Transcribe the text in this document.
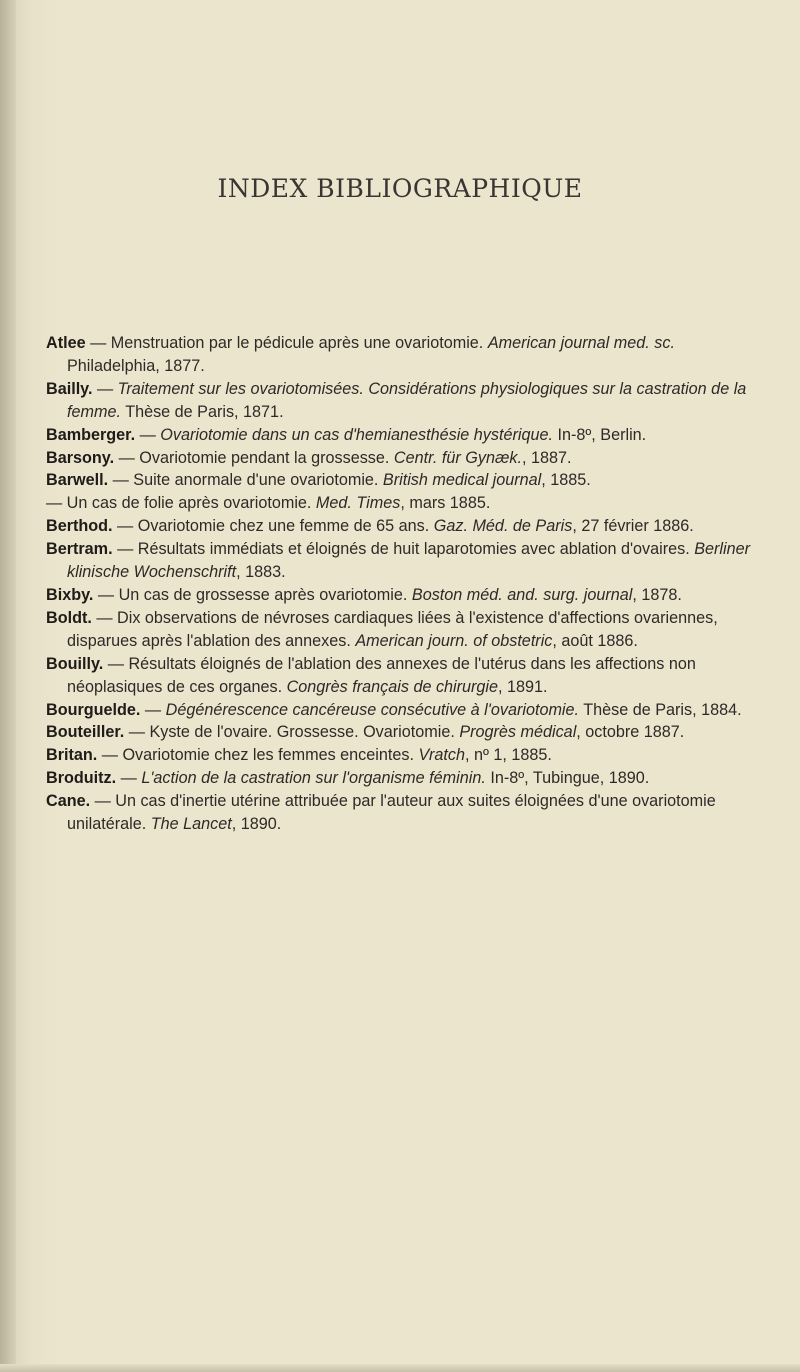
INDEX BIBLIOGRAPHIQUE
Atlee — Menstruation par le pédicule après une ovariotomie. American journal med. sc. Philadelphia, 1877.
Bailly. — Traitement sur les ovariotomisées. Considérations physiologiques sur la castration de la femme. Thèse de Paris, 1871.
Bamberger. — Ovariotomie dans un cas d'hemianesthésie hystérique. In-8º, Berlin.
Barsony. — Ovariotomie pendant la grossesse. Centr. für Gynæk., 1887.
Barwell. — Suite anormale d'une ovariotomie. British medical journal, 1885.
— Un cas de folie après ovariotomie. Med. Times, mars 1885.
Berthod. — Ovariotomie chez une femme de 65 ans. Gaz. Méd. de Paris, 27 février 1886.
Bertram. — Résultats immédiats et éloignés de huit laparotomies avec ablation d'ovaires. Berliner klinische Wochenschrift, 1883.
Bixby. — Un cas de grossesse après ovariotomie. Boston méd. and. surg. journal, 1878.
Boldt. — Dix observations de névroses cardiaques liées à l'existence d'affections ovariennes, disparues après l'ablation des annexes. American journ. of obstetric, août 1886.
Bouilly. — Résultats éloignés de l'ablation des annexes de l'utérus dans les affections non néoplasiques de ces organes. Congrès français de chirurgie, 1891.
Bourguelde. — Dégénérescence cancéreuse consécutive à l'ovariotomie. Thèse de Paris, 1884.
Bouteiller. — Kyste de l'ovaire. Grossesse. Ovariotomie. Progrès médical, octobre 1887.
Britan. — Ovariotomie chez les femmes enceintes. Vratch, nº 1, 1885.
Broduitz. — L'action de la castration sur l'organisme féminin. In-8º, Tubingue, 1890.
Cane. — Un cas d'inertie utérine attribuée par l'auteur aux suites éloignées d'une ovariotomie unilatérale. The Lancet, 1890.
